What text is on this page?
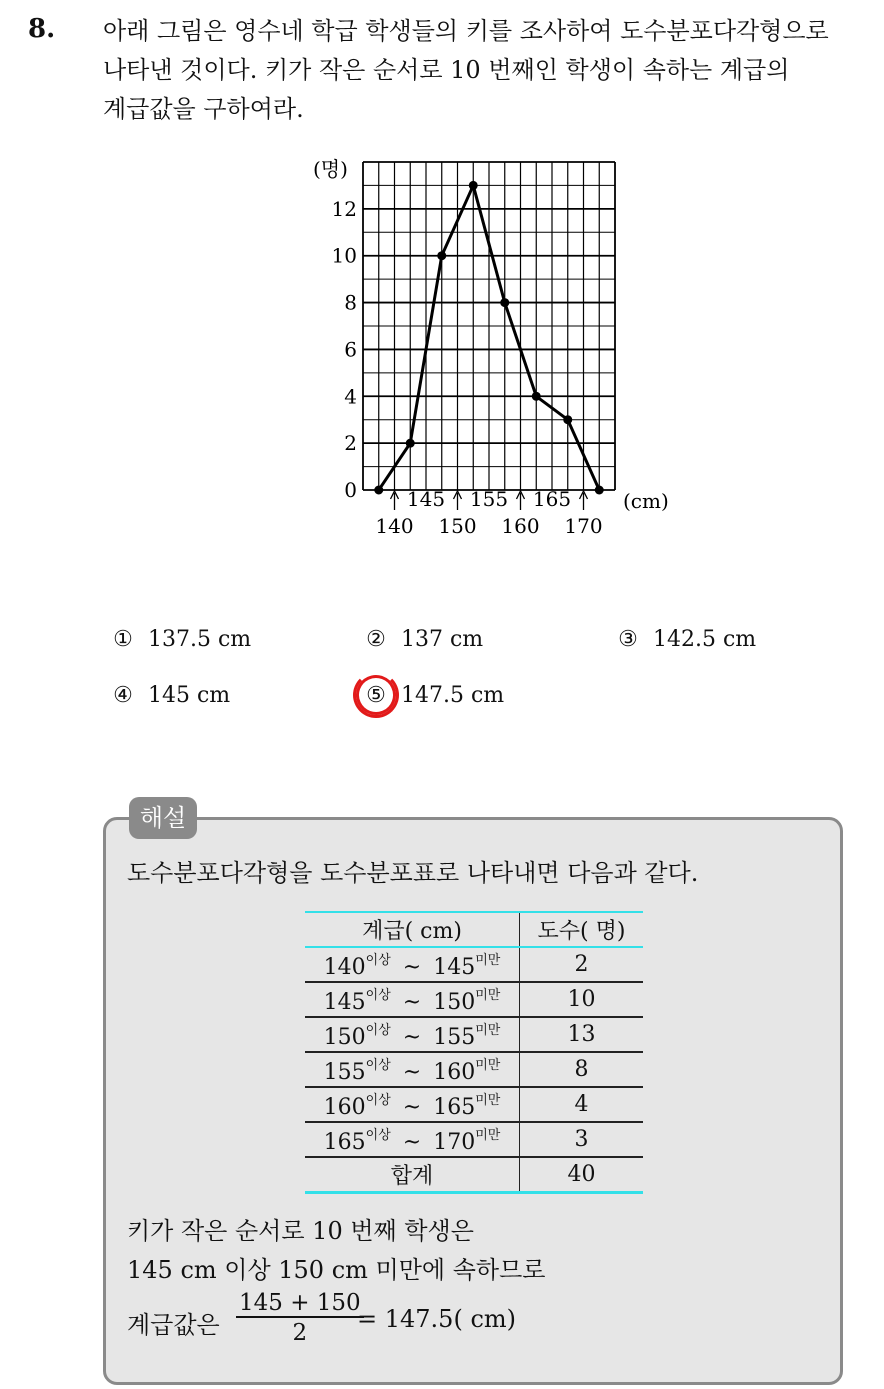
8. 아래 그림은 영수네 학급 학생들의 키를 조사하여 도수분포다각형으로
나타낸 것이다. 키가 작은 순서로 10 번째인 학생이 속하는 계급의
계급값을 구하여라.
0
2
4
6
8
10
12
(명)
140 150 160 170
145 155 165	(cm)
① 137.5 cm	② 137 cm	③ 142.5 cm
④ 145 cm	⑤ 147.5 cm
해설
도수분포다각형을 도수분포표로 나타내면 다음과 같다.
계급( cm)	도수( 명)
$140^{이상}$ ~ $145^{미만}$	2
$145^{이상}$ ~ $150^{미만}$	10
$150^{이상}$ ~ $155^{미만}$	13
$155^{이상}$ ~ $160^{미만}$	8
$160^{이상}$ ~ $165^{미만}$	4
$165^{이상}$ ~ $170^{미만}$	3
합계	40
키가 작은 순서로 10 번째 학생은
145 cm 이상 150 cm 미만에 속하므로
계급값은 $\frac{145 + 150}{2}$
= 147.5( cm)
